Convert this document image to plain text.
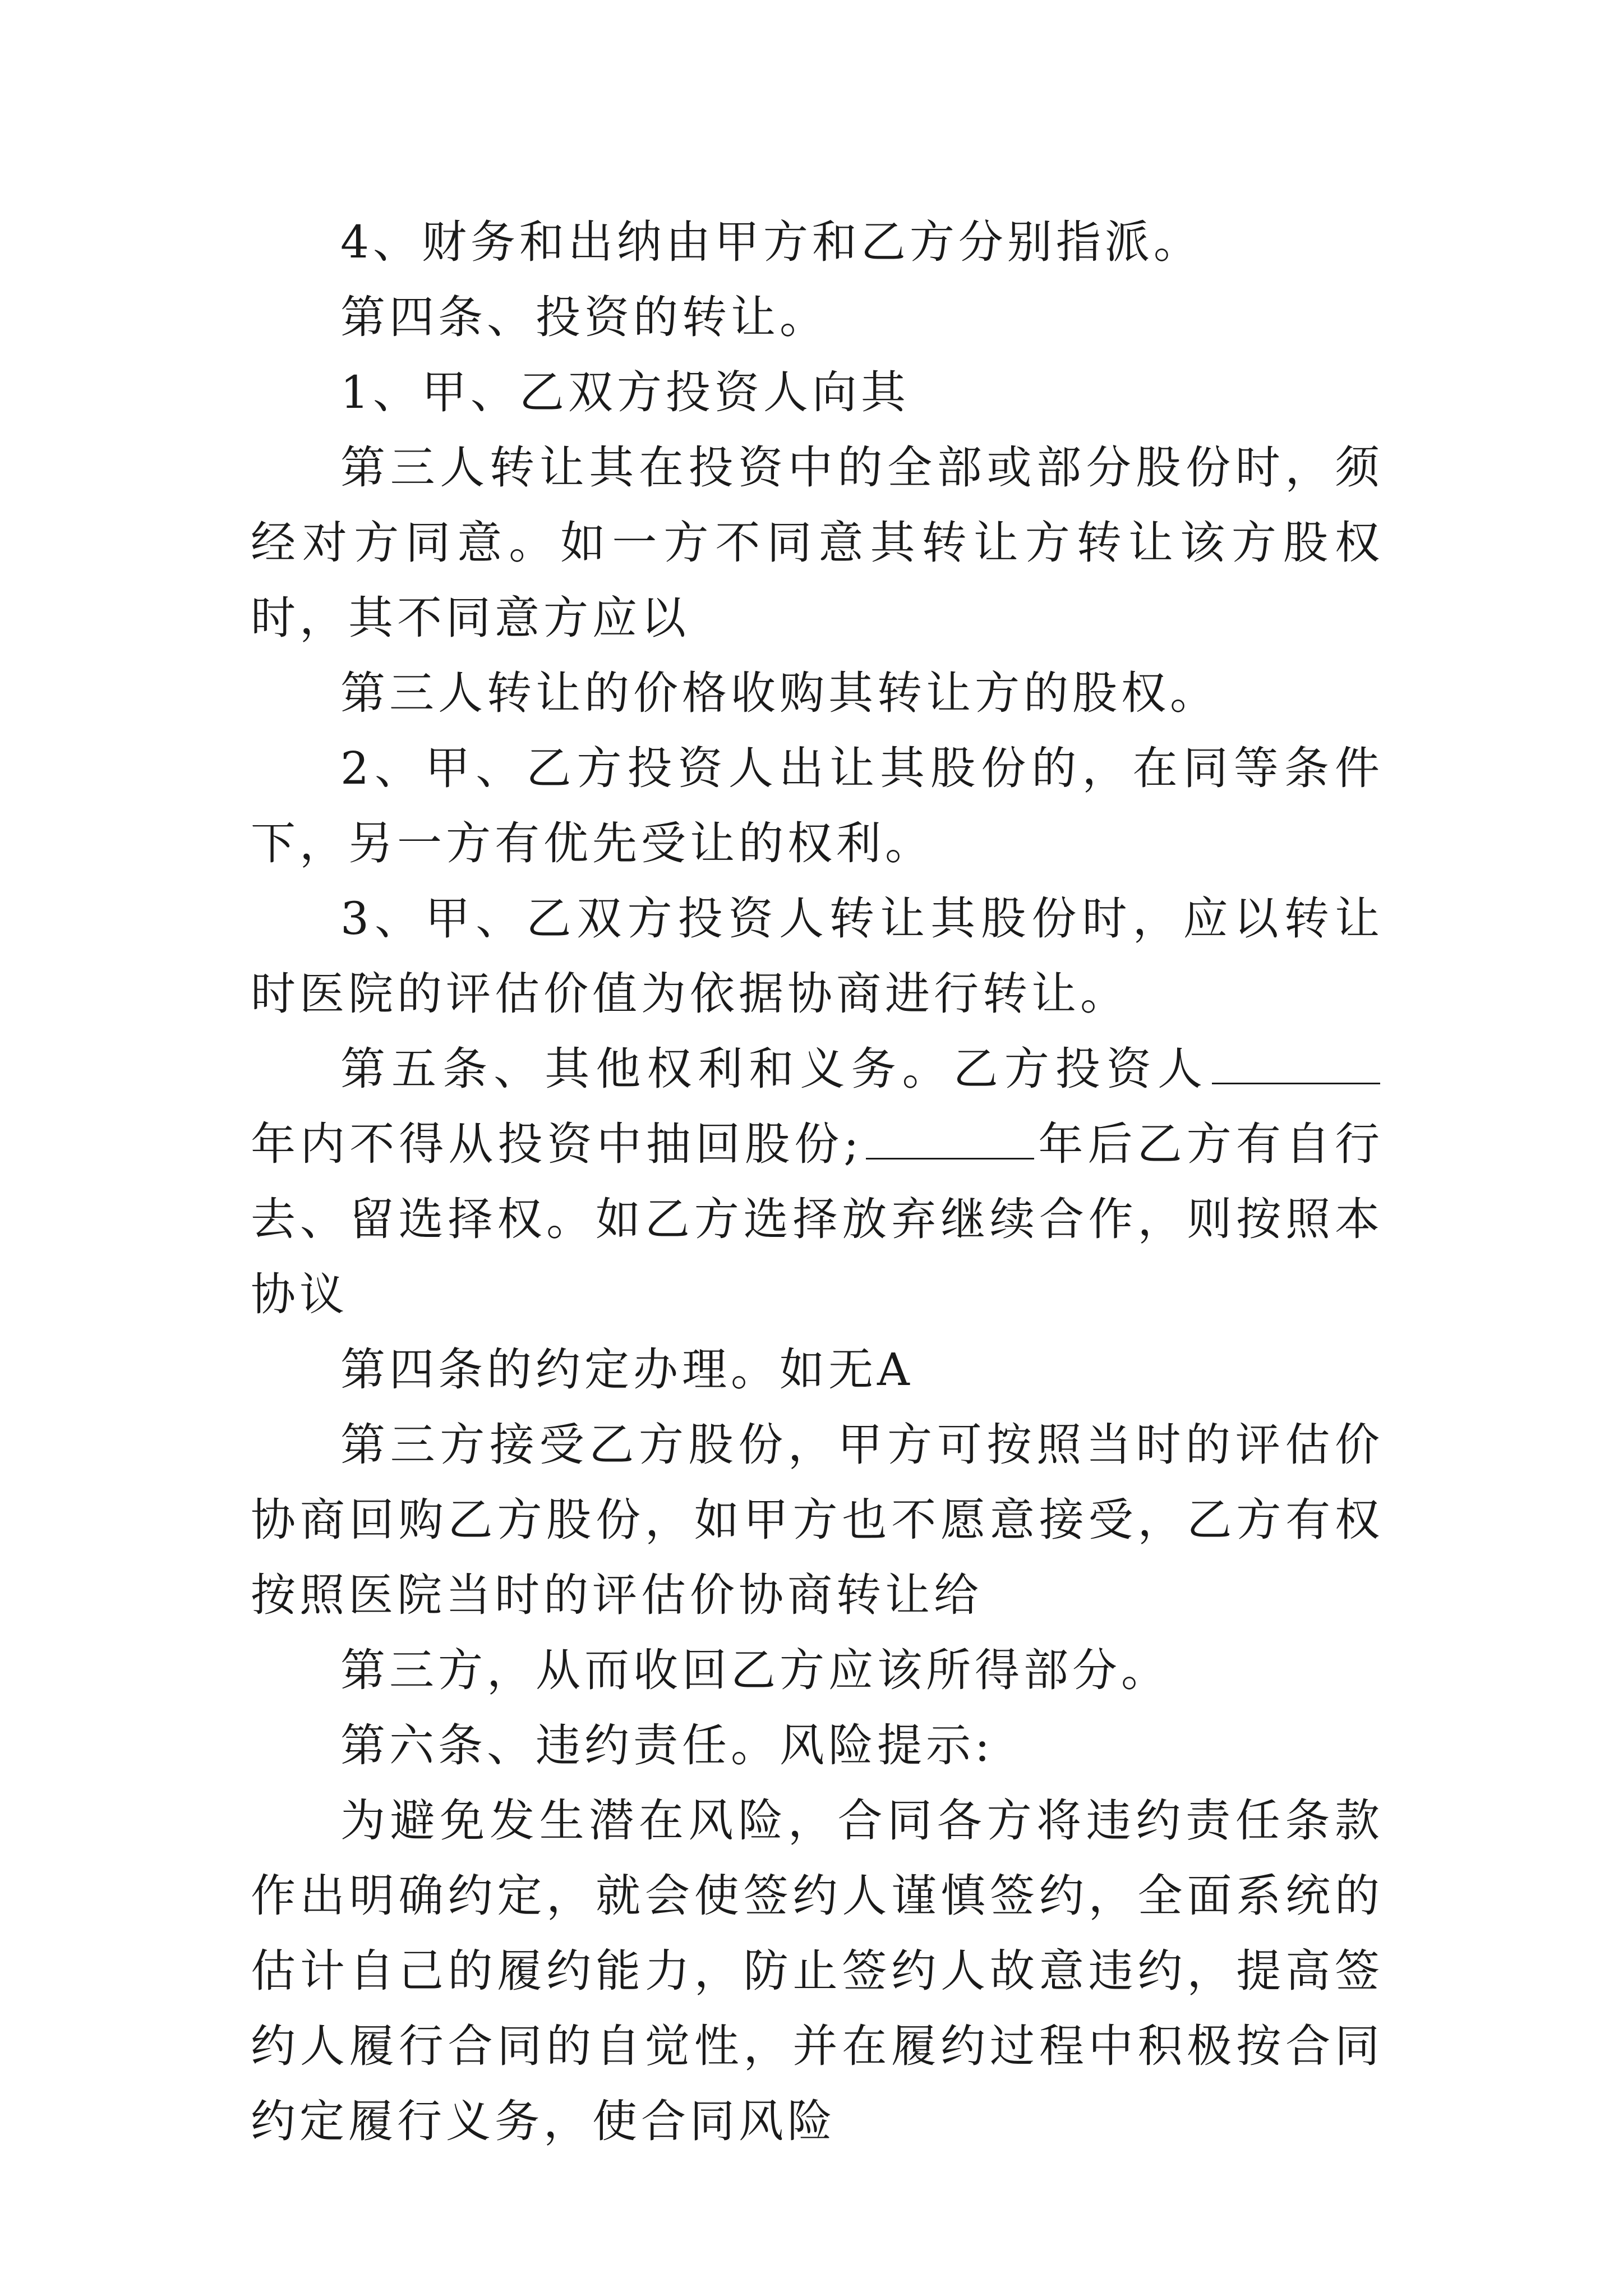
4、财务和出纳由甲方和乙方分别指派。

第四条、投资的转让。

1、甲、乙双方投资人向其

第三人转让其在投资中的全部或部分股份时，须经对方同意。如一方不同意其转让方转让该方股权时，其不同意方应以

第三人转让的价格收购其转让方的股权。

2、甲、乙方投资人出让其股份的，在同等条件下，另一方有优先受让的权利。

3、甲、乙双方投资人转让其股份时，应以转让时医院的评估价值为依据协商进行转让。

第五条、其他权利和义务。乙方投资人年内不得从投资中抽回股份;	年后乙方有自行去、留选择权。如乙方选择放弃继续合作，则按照本协议

第四条的约定办理。如无A

第三方接受乙方股份，甲方可按照当时的评估价协商回购乙方股份，如甲方也不愿意接受，乙方有权按照医院当时的评估价协商转让给

第三方，从而收回乙方应该所得部分。

第六条、违约责任。风险提示:

为避免发生潜在风险，合同各方将违约责任条款作出明确约定，就会使签约人谨慎签约，全面系统的估计自己的履约能力，防止签约人故意违约，提高签约人履行合同的自觉性，并在履约过程中积极按合同约定履行义务，使合同风险
